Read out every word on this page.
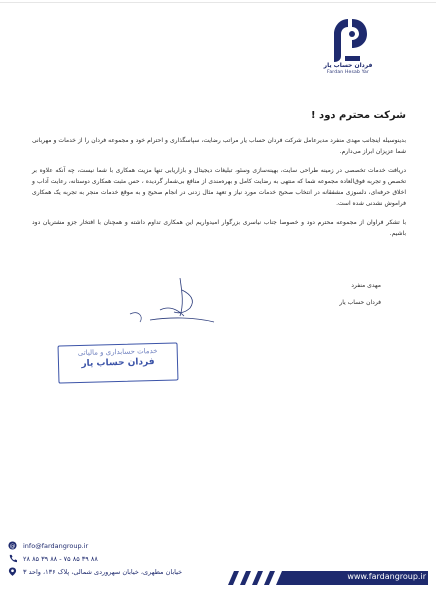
فردان حساب یار
Fardan Hesab Yar
شرکت محترم دود !

بدینوسیله اینجانب مهدی منفرد مدیرعامل شرکت فردان حساب یار مراتب رضایت، سپاسگذاری و احترام خود و مجموعه فردان را از خدمات و مهربانی شما عزیزان ابراز می‌دارم.

دریافت خدمات تخصصی در زمینه طراحی سایت، بهینه‌سازی وسئو، تبلیغات دیجیتال و بازاریابی تنها مزیت همکاری با شما نیست، چه آنکه علاوه بر تخصص و تجربه فوق‌العاده مجموعه شما که منتهی به رضایت کامل و بهره‌مندی از منافع بی‌شمار گردیده ، حس مثبت همکاری دوستانه، رعایت آداب و اخلاق حرفه‌ای، دلسوزی مشفقانه در انتخاب صحیح خدمات مورد نیاز و تعهد مثال زدنی در انجام صحیح و به موقع خدمات منجر به تجربه یک همکاری فراموش نشدنی شده است.

با تشکر فراوان از مجموعه محترم دود و خصوصا جناب نیاسری بزرگوار امیدواریم این همکاری تداوم داشته و همچنان با افتخار جزو مشتریان دود باشیم.

مهدی منفرد
فردان حساب یار
خدمات حسابداری و مالیاتی
فردان حساب یار
@ info@fardangroup.ir
۸۸ ۳۹ ۸۵ ۷۵ - ۸۸ ۳۹ ۸۵ ۲۸
خیابان مطهری، خیابان سهروردی شمالی، پلاک ۱۳۶، واحد ۳
www.fardangroup.ir
